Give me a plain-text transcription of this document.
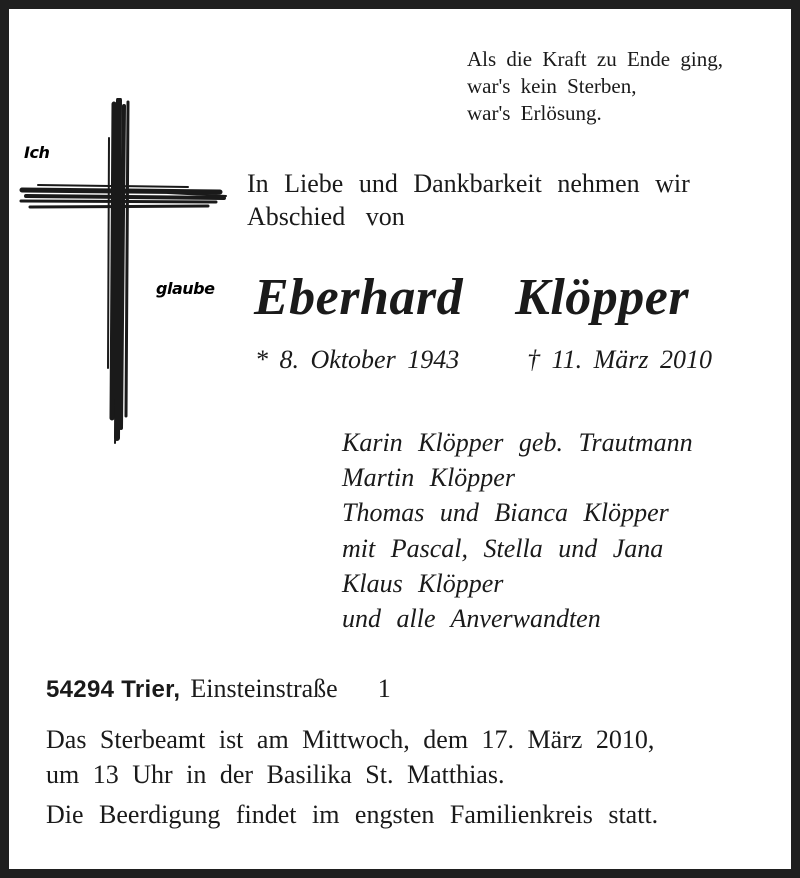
Als die Kraft zu Ende ging,
war's kein Sterben,
war's Erlösung.
Ich
glaube
In Liebe und Dankbarkeit nehmen wir
Abschied von
Eberhard Klöpper
* 8. Oktober 1943	† 11. März 2010
Karin Klöpper geb. Trautmann
Martin Klöpper
Thomas und Bianca Klöpper
mit Pascal, Stella und Jana
Klaus Klöpper
und alle Anverwandten
54294 Trier, Einsteinstraße 1
Das Sterbeamt ist am Mittwoch, dem 17. März 2010,
um 13 Uhr in der Basilika St. Matthias.
Die Beerdigung findet im engsten Familienkreis statt.
